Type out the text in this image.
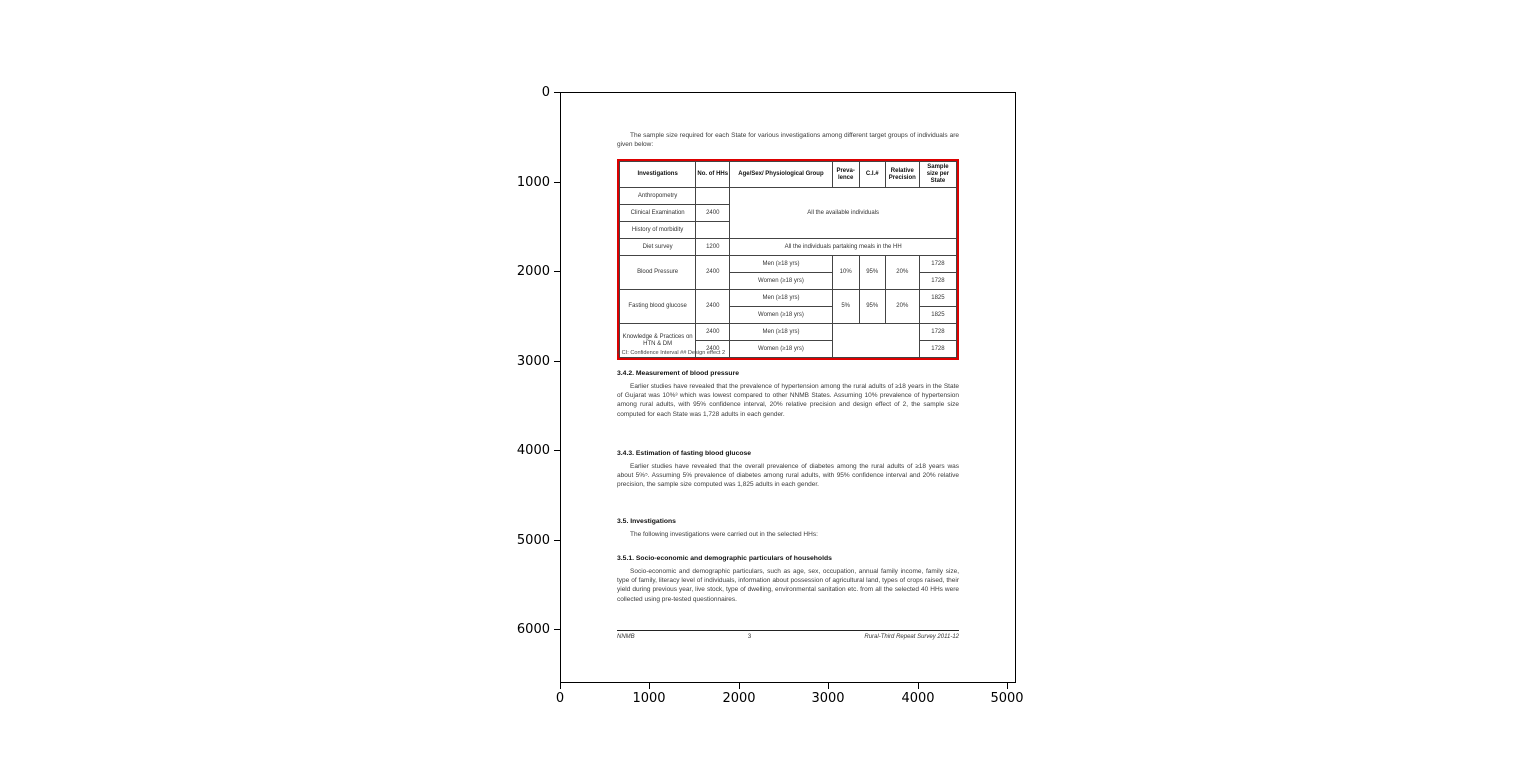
0
1000
2000
3000
4000
5000
6000
0	1000	2000	3000	4000	5000

The sample size required for each State for various investigations among different target groups of individuals are given below:

Investigations	No. of HHs	Age/Sex/ Physiological Group	Preva- lence	C.I.#	Relative Precision	Sample size per State
Anthropometry		All the available individuals				
Clinical Examination	2400					
History of morbidity						
Diet survey	1200	All the individuals partaking meals in the HH				
Blood Pressure	2400	Men (≥18 yrs)	10%	95%	20%	1728
		Women (≥18 yrs)				1728
Fasting blood glucose	2400	Men (≥18 yrs)	5%	95%	20%	1825
		Women (≥18 yrs)				1825
Knowledge & Practices on HTN & DM	2400	Men (≥18 yrs)				1728
	2400	Women (≥18 yrs)				1728
# CI: Confidence Interval ## Design effect 2
3.4.2. Measurement of blood pressure

Earlier studies have revealed that the prevalence of hypertension among the rural adults of ≥18 years in the State of Gujarat was 10%³ which was lowest compared to other NNMB States. Assuming 10% prevalence of hypertension among rural adults, with 95% confidence interval, 20% relative precision and design effect of 2, the sample size computed for each State was 1,728 adults in each gender.

3.4.3. Estimation of fasting blood glucose

Earlier studies have revealed that the overall prevalence of diabetes among the rural adults of ≥18 years was about 5%⁵. Assuming 5% prevalence of diabetes among rural adults, with 95% confidence interval and 20% relative precision, the sample size computed was 1,825 adults in each gender.

3.5. Investigations

The following investigations were carried out in the selected HHs:

3.5.1. Socio-economic and demographic particulars of households

Socio-economic and demographic particulars, such as age, sex, occupation, annual family income, family size, type of family, literacy level of individuals, information about possession of agricultural land, types of crops raised, their yield during previous year, live stock, type of dwelling, environmental sanitation etc. from all the selected 40 HHs were collected using pre-tested questionnaires.

NNMB	3	Rural-Third Repeat Survey 2011-12
